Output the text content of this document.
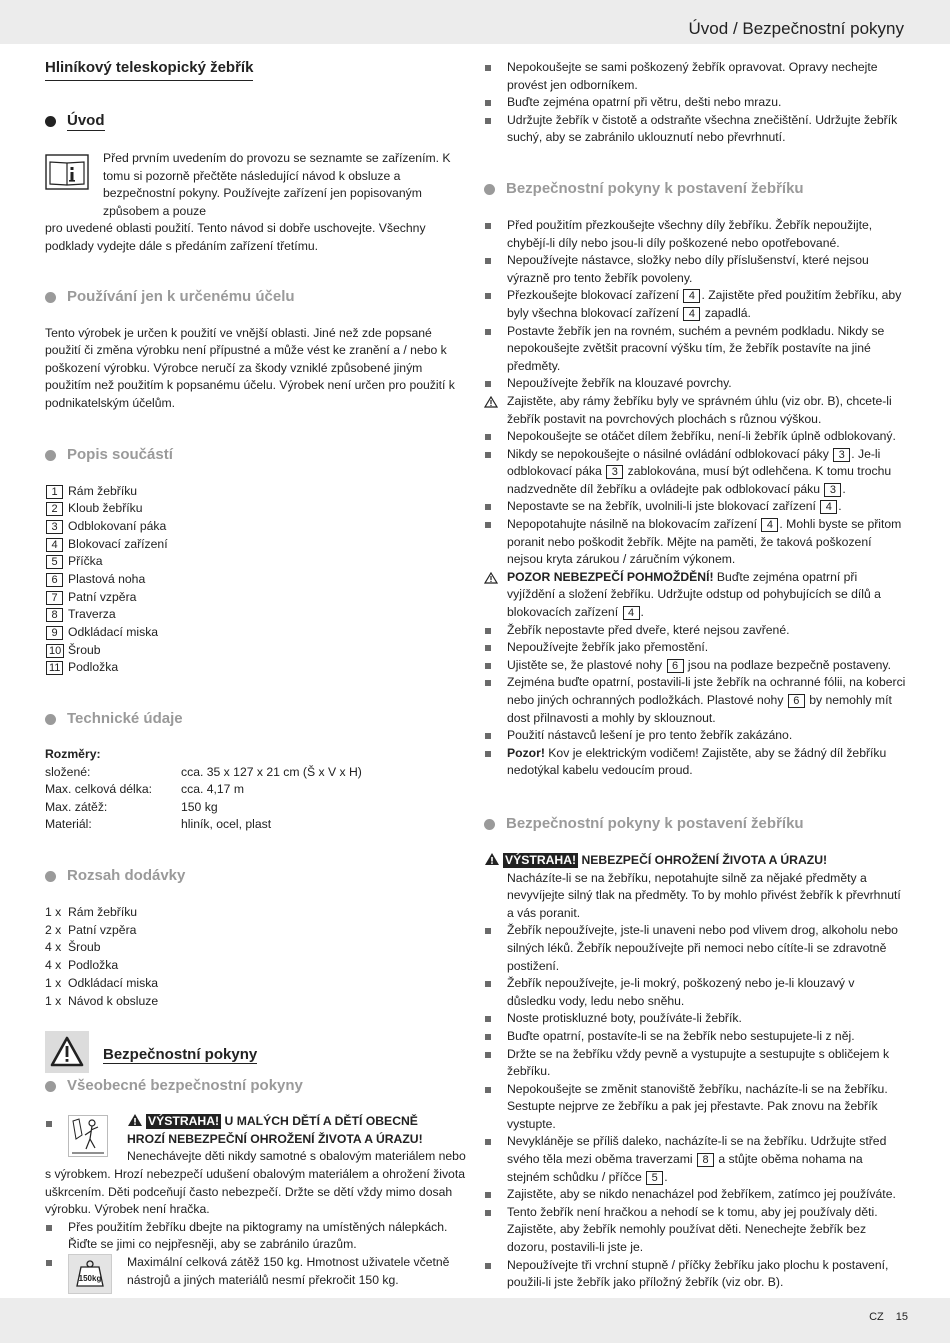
Úvod / Bezpečnostní pokyny
Hliníkový teleskopický žebřík
Úvod

Před prvním uvedením do provozu se seznamte se zařízením. K tomu si pozorně přečtěte následující návod k obsluze a bezpečnostní pokyny. Používejte zařízení jen popisovaným způsobem a pouze
pro uvedené oblasti použití. Tento návod si dobře uschovejte. Všechny podklady vydejte dále s předáním zařízení třetímu.

Používání jen k určenému účelu

Tento výrobek je určen k použití ve vnější oblasti. Jiné než zde popsané použití či změna výrobku není přípustné a může vést ke zranění a / nebo k poškození výrobku. Výrobce neručí za škody vzniklé způsobené jiným použitím než použitím k popsanému účelu. Výrobek není určen pro použití k podnikatelským účelům.

Popis součástí
1 Rám žebříku
2 Kloub žebříku
3 Odblokovaní páka
4 Blokovací zařízení
5 Příčka
6 Plastová noha
7 Patní vzpěra
8 Traverza
9 Odkládací miska
10 Šroub
11 Podložka
Technické údaje
Rozměry:
složené:	cca. 35 x 127 x 21 cm (Š x V x H)
Max. celková délka:	cca. 4,17 m
Max. zátěž:	150 kg
Materiál:	hliník, ocel, plast
Rozsah dodávky
1 x Rám žebříku
2 x Patní vzpěra
4 x Šroub
4 x Podložka
1 x Odkládací miska
1 x Návod k obsluze
Bezpečnostní pokyny
Všeobecné bezpečnostní pokyny
VÝSTRAHA! U MALÝCH DĚTÍ A DĚTÍ OBECNĚ
HROZÍ NEBEZPEČNÍ OHROŽENÍ ŽIVOTA A ÚRAZU!
Nenechávejte děti nikdy samotné s obalovým materiálem nebo
s výrobkem. Hrozí nebezpečí udušení obalovým materiálem a ohrožení života uškrcením. Děti podceňují často nebezpečí. Držte se dětí vždy mimo dosah výrobku. Výrobek není hračka.
Přes použitím žebříku dbejte na piktogramy na umístěných nálepkách. Řiďte se jimi co nejpřesněji, aby se zabránilo úrazům.
150kg
Maximální celková zátěž 150 kg. Hmotnost uživatele včetně nástrojů a jiných materiálů nesmí překročit 150 kg.
Nepokoušejte se sami poškozený žebřík opravovat. Opravy nechejte provést jen odborníkem.
Buďte zejména opatrní při větru, dešti nebo mrazu.
Udržujte žebřík v čistotě a odstraňte všechna znečištění. Udržujte žebřík suchý, aby se zabránilo uklouznutí nebo převrhnutí.
Bezpečnostní pokyny k postavení žebříku
Před použitím přezkoušejte všechny díly žebříku. Žebřík nepoužijte, chybějí-li díly nebo jsou-li díly poškozené nebo opotřebované.
Nepoužívejte nástavce, složky nebo díly příslušenství, které nejsou výrazně pro tento žebřík povoleny.
Přezkoušejte blokovací zařízení 4 . Zajistěte před použitím žebříku, aby byly všechna blokovací zařízení 4 zapadlá.
Postavte žebřík jen na rovném, suchém a pevném podkladu. Nikdy se nepokoušejte zvětšit pracovní výšku tím, že žebřík postavíte na jiné předměty.
Nepoužívejte žebřík na klouzavé povrchy.
Zajistěte, aby rámy žebříku byly ve správném úhlu (viz obr. B), chcete-li žebřík postavit na povrchových plochách s různou výškou.
Nepokoušejte se otáčet dílem žebříku, není-li žebřík úplně odblokovaný.
Nikdy se nepokoušejte o násilné ovládání odblokovací páky 3 . Je-li odblokovací páka 3 zablokována, musí být odlehčena. K tomu trochu nadzvedněte díl žebříku a ovládejte pak odblokovací páku 3 .
Nepostavte se na žebřík, uvolnili-li jste blokovací zařízení 4 .
Nepopotahujte násilně na blokovacím zařízení 4 . Mohli byste se přitom poranit nebo poškodit žebřík. Mějte na paměti, že taková poškození nejsou kryta zárukou / záručním výkonem.
POZOR NEBEZPEČÍ POHMOŽDĚNÍ! Buďte zejména opatrní při vyjíždění a složení žebříku. Udržujte odstup od pohybujících se dílů a blokovacích zařízení 4 .
Žebřík nepostavte před dveře, které nejsou zavřené.
Nepoužívejte žebřík jako přemostění.
Ujistěte se, že plastové nohy 6 jsou na podlaze bezpečně postaveny.
Zejména buďte opatrní, postavili-li jste žebřík na ochranné fólii, na koberci nebo jiných ochranných podložkách. Plastové nohy 6 by nemohly mít dost přilnavosti a mohly by sklouznout.
Použití nástavců lešení je pro tento žebřík zakázáno.
Pozor! Kov je elektrickým vodičem! Zajistěte, aby se žádný díl žebříku nedotýkal kabelu vedoucím proud.
Bezpečnostní pokyny k postavení žebříku
VÝSTRAHA! NEBEZPEČÍ OHROŽENÍ ŽIVOTA A ÚRAZU!
Nacházíte-li se na žebříku, nepotahujte silně za nějaké předměty a nevyvíjejte silný tlak na předměty. To by mohlo přivést žebřík k převrhnutí a vás poranit.
Žebřík nepoužívejte, jste-li unaveni nebo pod vlivem drog, alkoholu nebo silných léků. Žebřík nepoužívejte při nemoci nebo cítíte-li se zdravotně postižení.
Žebřík nepoužívejte, je-li mokrý, poškozený nebo je-li klouzavý v důsledku vody, ledu nebo sněhu.
Noste protiskluzné boty, používáte-li žebřík.
Buďte opatrní, postavíte-li se na žebřík nebo sestupujete-li z něj.
Držte se na žebříku vždy pevně a vystupujte a sestupujte s obličejem k žebříku.
Nepokoušejte se změnit stanoviště žebříku, nacházíte-li se na žebříku. Sestupte nejprve ze žebříku a pak jej přestavte. Pak znovu na žebřík vystupte.
Nevykláněje se příliš daleko, nacházíte-li se na žebříku. Udržujte střed svého těla mezi oběma traverzami 8 a stůjte oběma nohama na stejném schůdku / příčce 5 .
Zajistěte, aby se nikdo nenacházel pod žebříkem, zatímco jej používáte.
Tento žebřík není hračkou a nehodí se k tomu, aby jej používaly děti. Zajistěte, aby žebřík nemohly používat děti. Nenechejte žebřík bez dozoru, postavili-li jste je.
Nepoužívejte tři vrchní stupně / příčky žebříku jako plochu k postavení, použili-li jste žebřík jako příložný žebřík (viz obr. B).
CZ 15
